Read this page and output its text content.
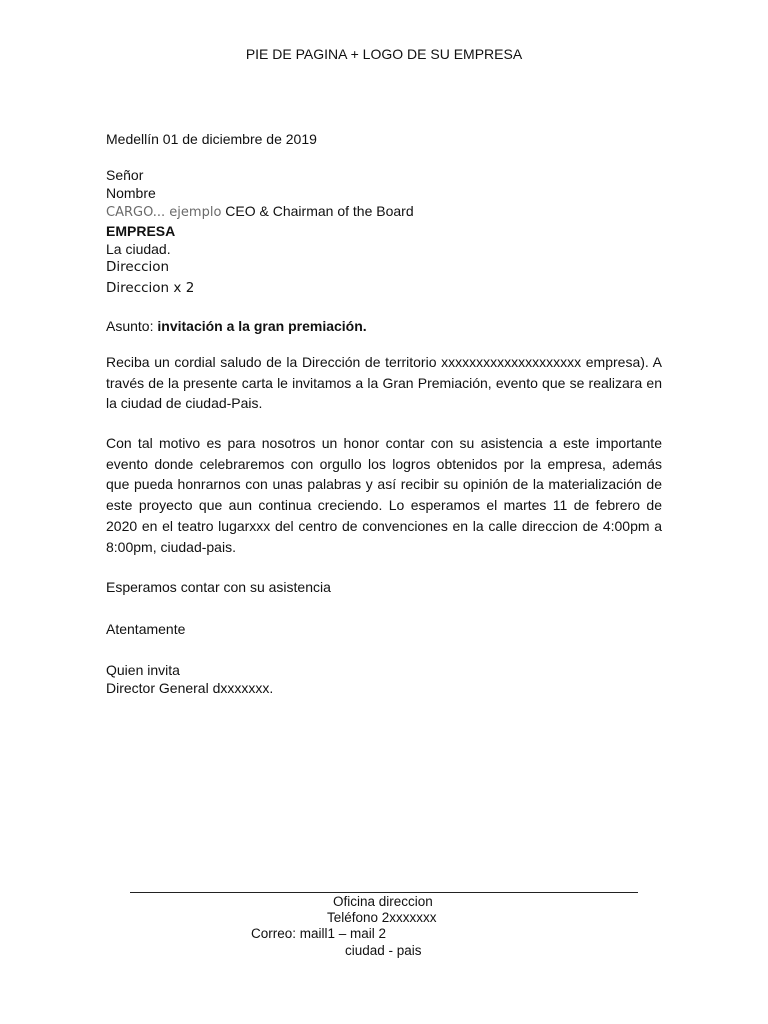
PIE DE PAGINA + LOGO DE SU EMPRESA
Medellín 01 de diciembre de 2019
Señor
Nombre
CARGO... ejemplo CEO & Chairman of the Board
EMPRESA
La ciudad.
Direccion
Direccion x 2
Asunto: invitación a la gran premiación.
Reciba un cordial saludo de la Dirección de territorio xxxxxxxxxxxxxxxxxxxx empresa). A través de la presente carta le invitamos a la Gran Premiación, evento que se realizara en la ciudad de ciudad-Pais.
Con tal motivo es para nosotros un honor contar con su asistencia a este importante evento donde celebraremos con orgullo los logros obtenidos por la empresa, además que pueda honrarnos con unas palabras y así recibir su opinión de la materialización de este proyecto que aun continua creciendo. Lo esperamos el martes 11 de febrero de 2020 en el teatro lugarxxx del centro de convenciones en la calle direccion de 4:00pm a 8:00pm, ciudad-pais.
Esperamos contar con su asistencia
Atentamente
Quien invita
Director General dxxxxxxx.
Oficina direccion
Teléfono 2xxxxxxx
Correo: maill1 – mail 2
ciudad - pais
